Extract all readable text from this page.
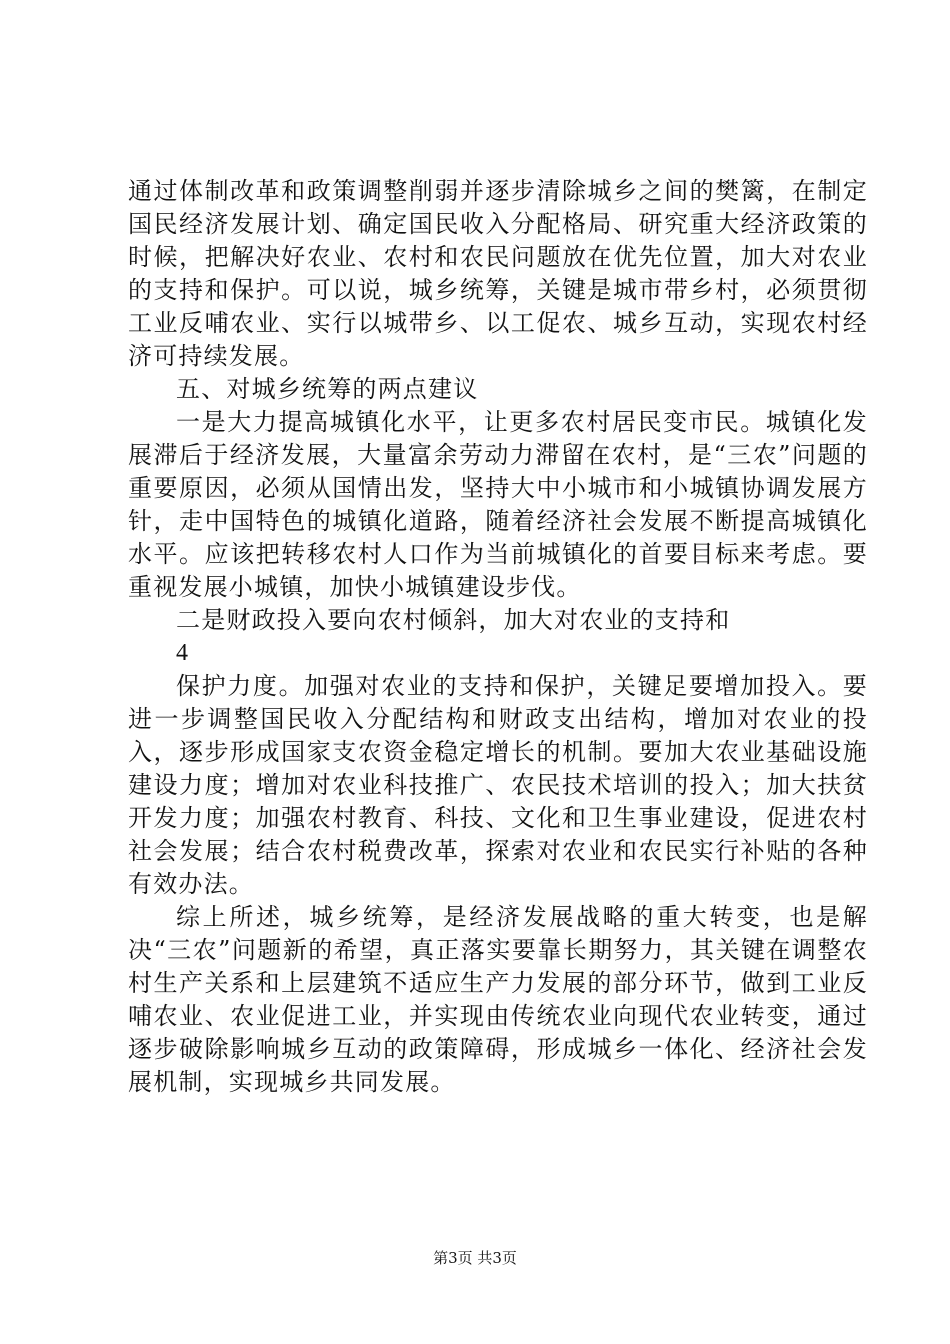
通过体制改革和政策调整削弱并逐步清除城乡之间的樊篱，在制定国民经济发展计划、确定国民收入分配格局、研究重大经济政策的时候，把解决好农业、农村和农民问题放在优先位置，加大对农业的支持和保护。可以说，城乡统筹，关键是城市带乡村，必须贯彻工业反哺农业、实行以城带乡、以工促农、城乡互动，实现农村经济可持续发展。

五、对城乡统筹的两点建议

一是大力提高城镇化水平，让更多农村居民变市民。城镇化发展滞后于经济发展，大量富余劳动力滞留在农村，是“三农”问题的重要原因，必须从国情出发，坚持大中小城市和小城镇协调发展方针，走中国特色的城镇化道路，随着经济社会发展不断提高城镇化水平。应该把转移农村人口作为当前城镇化的首要目标来考虑。要重视发展小城镇，加快小城镇建设步伐。

二是财政投入要向农村倾斜，加大对农业的支持和

4

保护力度。加强对农业的支持和保护，关键足要增加投入。要进一步调整国民收入分配结构和财政支出结构，增加对农业的投入，逐步形成国家支农资金稳定增长的机制。要加大农业基础设施建设力度；增加对农业科技推广、农民技术培训的投入；加大扶贫开发力度；加强农村教育、科技、文化和卫生事业建设，促进农村社会发展；结合农村税费改革，探索对农业和农民实行补贴的各种有效办法。

综上所述，城乡统筹，是经济发展战略的重大转变，也是解决“三农”问题新的希望，真正落实要靠长期努力，其关键在调整农村生产关系和上层建筑不适应生产力发展的部分环节，做到工业反哺农业、农业促进工业，并实现由传统农业向现代农业转变，通过逐步破除影响城乡互动的政策障碍，形成城乡一体化、经济社会发展机制，实现城乡共同发展。

第3页 共3页
